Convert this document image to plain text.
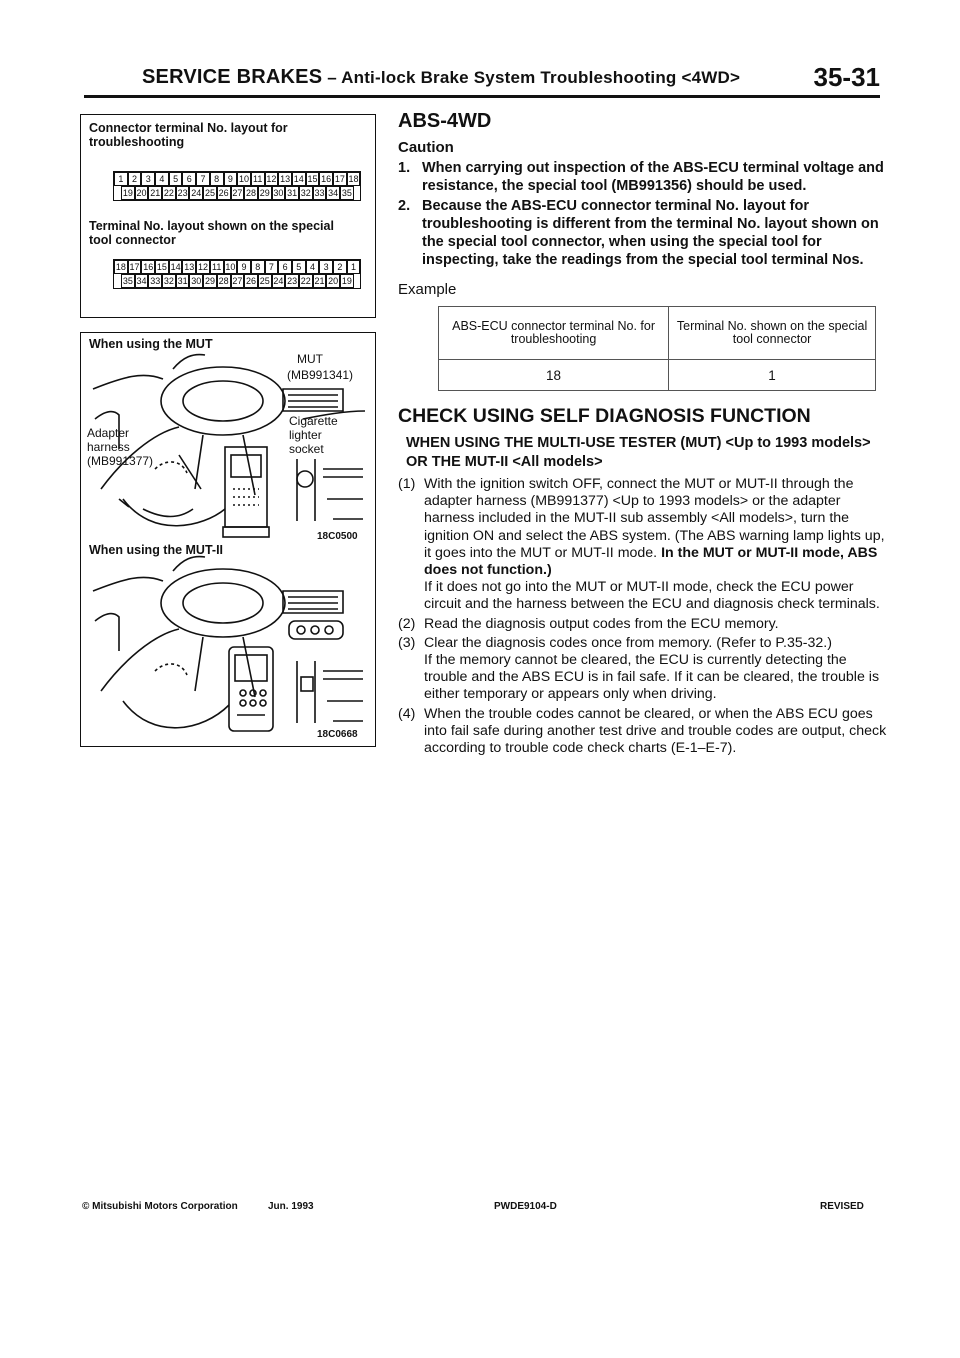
SERVICE BRAKES – Anti-lock Brake System Troubleshooting <4WD>	35-31
Connector terminal No. layout for troubleshooting
1 2 3 4 5 6 7 8 9 10 11 12 13 14 15 16 17 18
19 20 21 22 23 24 25 26 27 28 29 30 31 32 33 34 35
Terminal No. layout shown on the special tool connector
18 17 16 15 14 13 12 11 10 9 8 7 6 5 4 3 2 1
35 34 33 32 31 30 29 28 27 26 25 24 23 22 21 20 19
When using the MUT
MUT
(MB991341)
Adapter
harness
(MB991377)
Cigarette
lighter
socket
18C0500
When using the MUT-II
18C0668
ABS-4WD
Caution
1. When carrying out inspection of the ABS-ECU terminal voltage and resistance, the special tool (MB991356) should be used.
2. Because the ABS-ECU connector terminal No. layout for troubleshooting is different from the terminal No. layout shown on the special tool connector, when using the special tool for inspecting, take the readings from the special tool terminal Nos.
Example
ABS-ECU connector terminal No. for troubleshooting	Terminal No. shown on the special tool connector
18	1
CHECK USING SELF DIAGNOSIS FUNCTION
WHEN USING THE MULTI-USE TESTER (MUT) <Up to 1993 models> OR THE MUT-II <All models>
(1) With the ignition switch OFF, connect the MUT or MUT-II through the adapter harness (MB991377) <Up to 1993 models> or the adapter harness included in the MUT-II sub assembly <All models>, turn the ignition ON and select the ABS system. (The ABS warning lamp lights up, it goes into the MUT or MUT-II mode. In the MUT or MUT-II mode, ABS does not function.)
If it does not go into the MUT or MUT-II mode, check the ECU power circuit and the harness between the ECU and diagnosis check terminals.
(2) Read the diagnosis output codes from the ECU memory.
(3) Clear the diagnosis codes once from memory. (Refer to P.35-32.)
If the memory cannot be cleared, the ECU is currently detecting the trouble and the ABS ECU is in fail safe. If it can be cleared, the trouble is either temporary or appears only when driving.
(4) When the trouble codes cannot be cleared, or when the ABS ECU goes into fail safe during another test drive and trouble codes are output, check according to trouble code check charts (E-1–E-7).
© Mitsubishi Motors Corporation	Jun. 1993	PWDE9104-D	REVISED
